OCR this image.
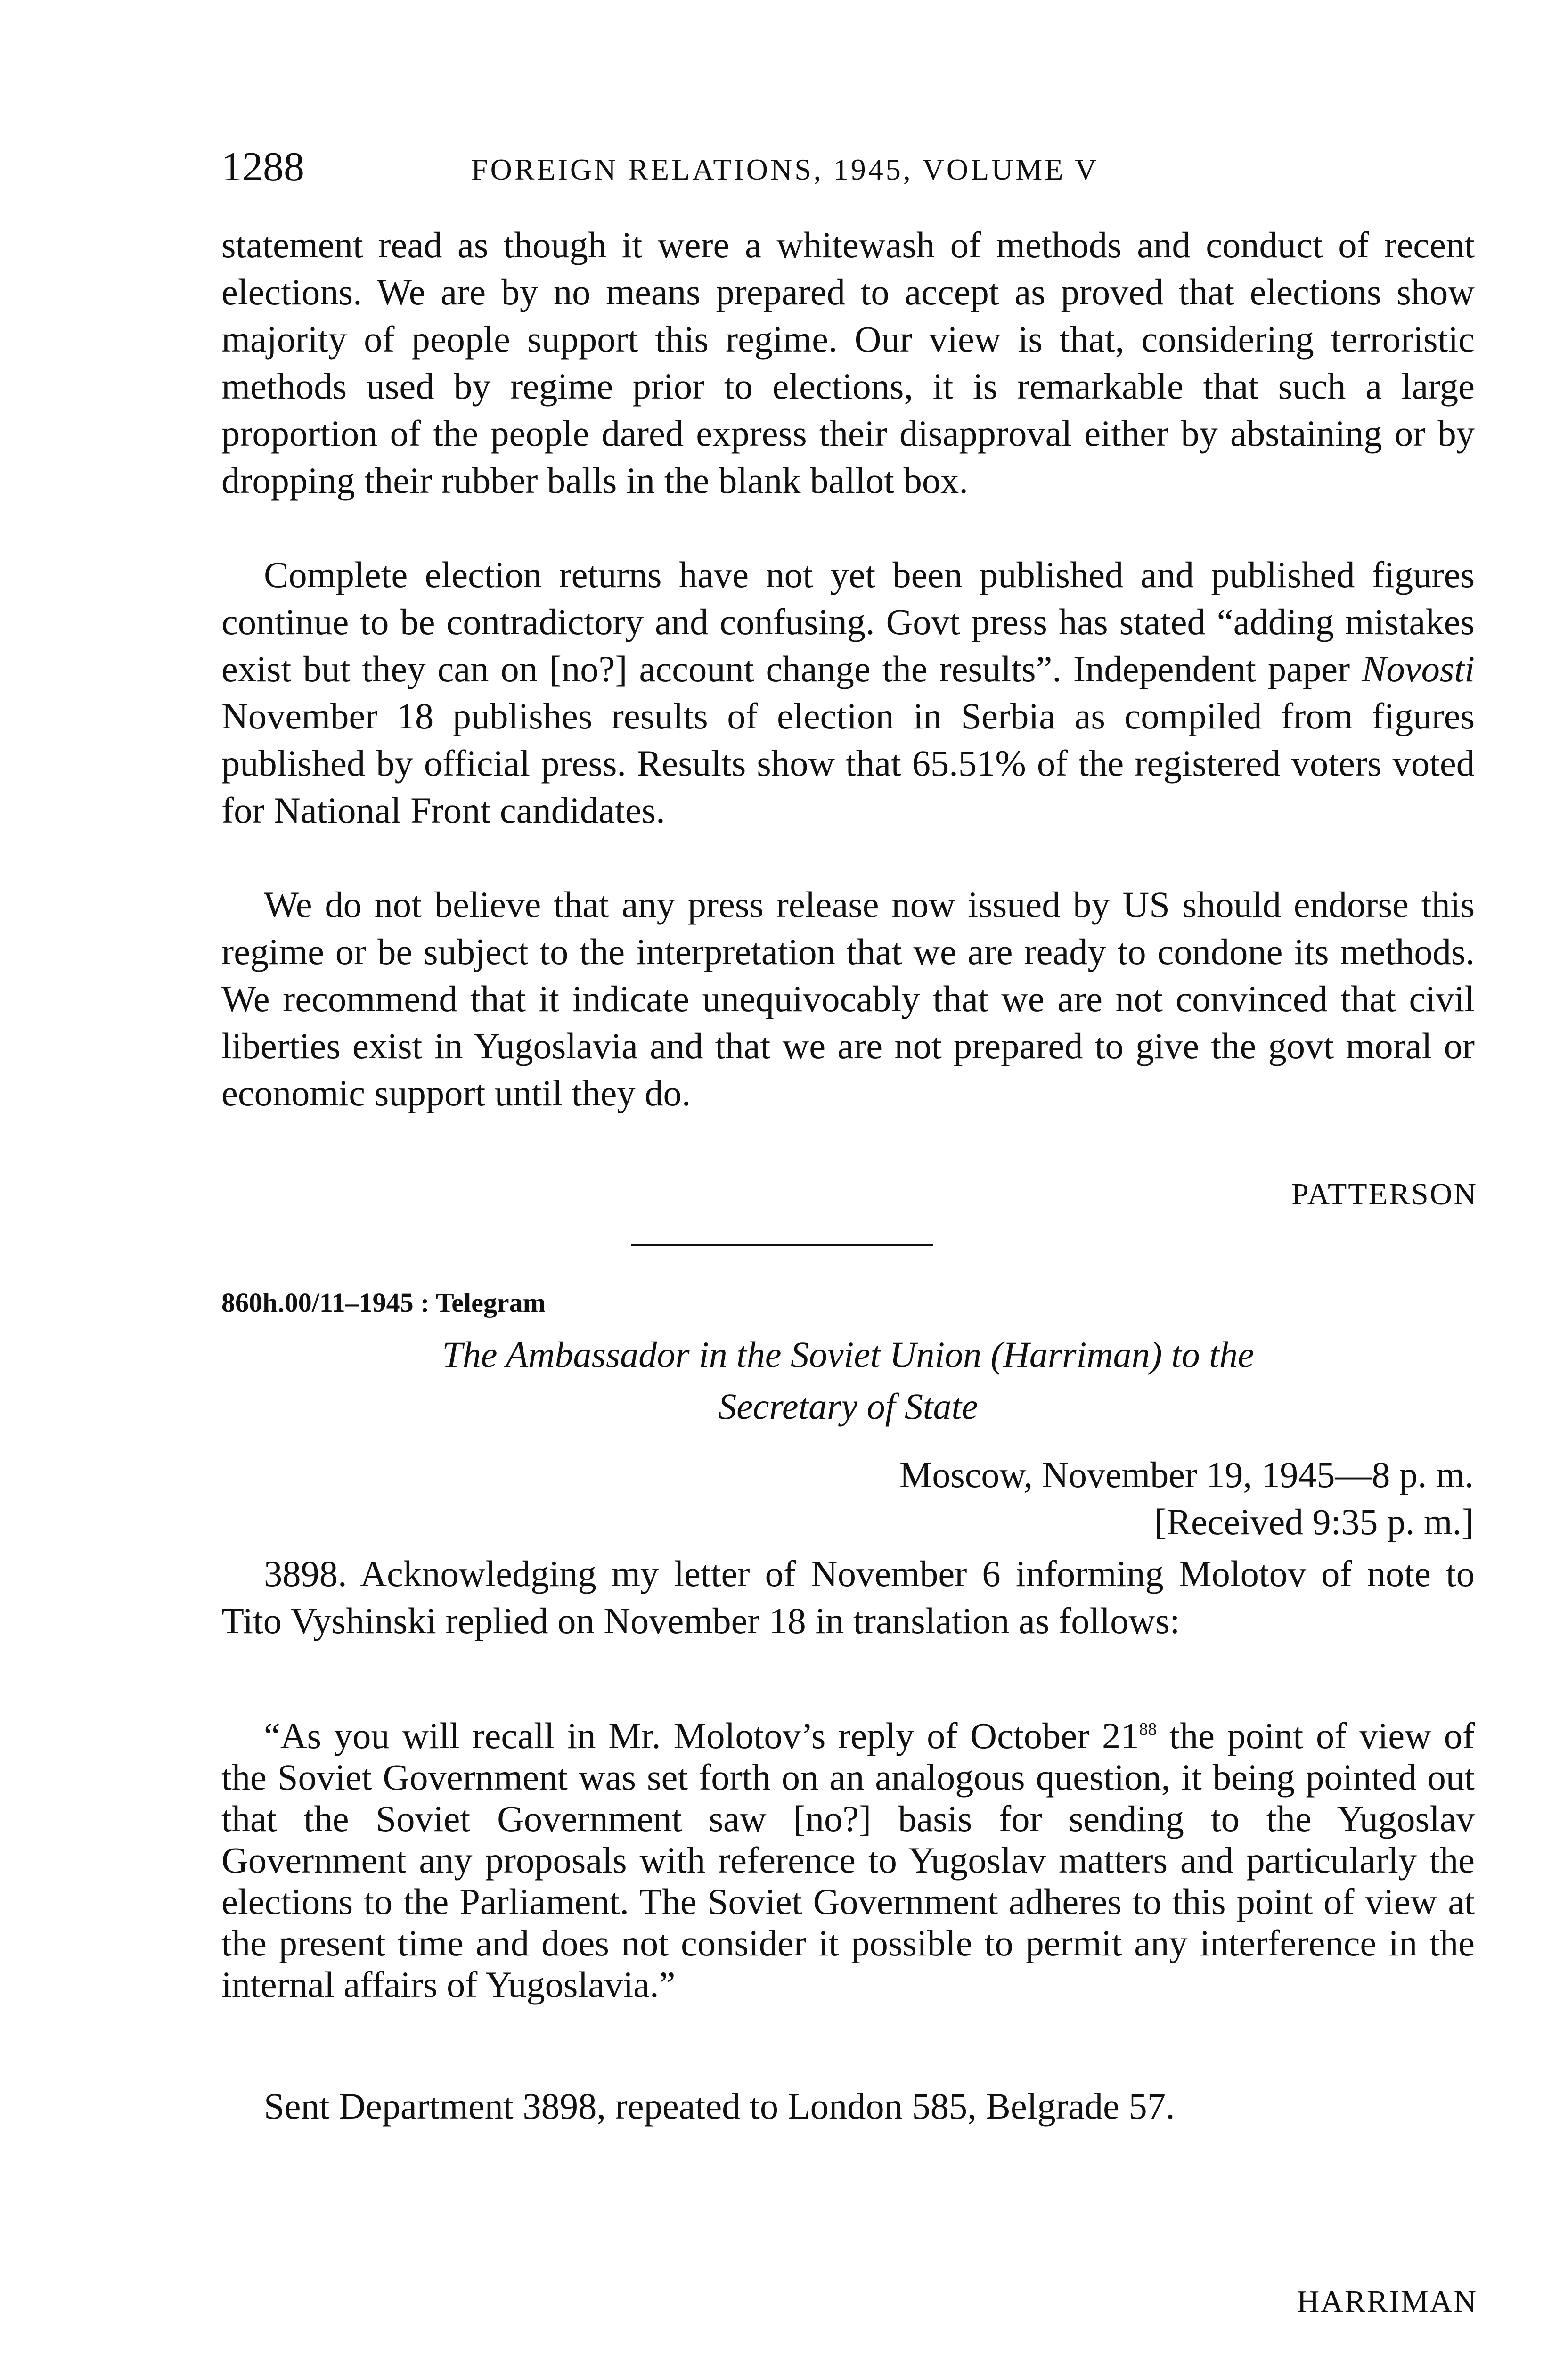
1288	FOREIGN RELATIONS, 1945, VOLUME V

statement read as though it were a whitewash of methods and conduct of recent elections. We are by no means prepared to accept as proved that elections show majority of people support this regime. Our view is that, considering terroristic methods used by regime prior to elections, it is remarkable that such a large proportion of the people dared express their disapproval either by abstaining or by dropping their rubber balls in the blank ballot box.

Complete election returns have not yet been published and published figures continue to be contradictory and confusing. Govt press has stated “adding mistakes exist but they can on [no?] account change the results”. Independent paper Novosti November 18 publishes results of election in Serbia as compiled from figures published by official press. Results show that 65.51% of the registered voters voted for National Front candidates.

We do not believe that any press release now issued by US should endorse this regime or be subject to the interpretation that we are ready to condone its methods. We recommend that it indicate unequivocably that we are not convinced that civil liberties exist in Yugoslavia and that we are not prepared to give the govt moral or economic support until they do.

PATTERSON

860h.00/11–1945 : Telegram
The Ambassador in the Soviet Union (Harriman) to the
Secretary of State
Moscow, November 19, 1945—8 p. m.
[Received 9:35 p. m.]

3898. Acknowledging my letter of November 6 informing Molotov of note to Tito Vyshinski replied on November 18 in translation as follows:

“As you will recall in Mr. Molotov’s reply of October $21^{88}$ the point of view of the Soviet Government was set forth on an analogous question, it being pointed out that the Soviet Government saw [no?] basis for sending to the Yugoslav Government any proposals with reference to Yugoslav matters and particularly the elections to the Parliament. The Soviet Government adheres to this point of view at the present time and does not consider it possible to permit any interference in the internal affairs of Yugoslavia.”

Sent Department 3898, repeated to London 585, Belgrade 57.

HARRIMAN
